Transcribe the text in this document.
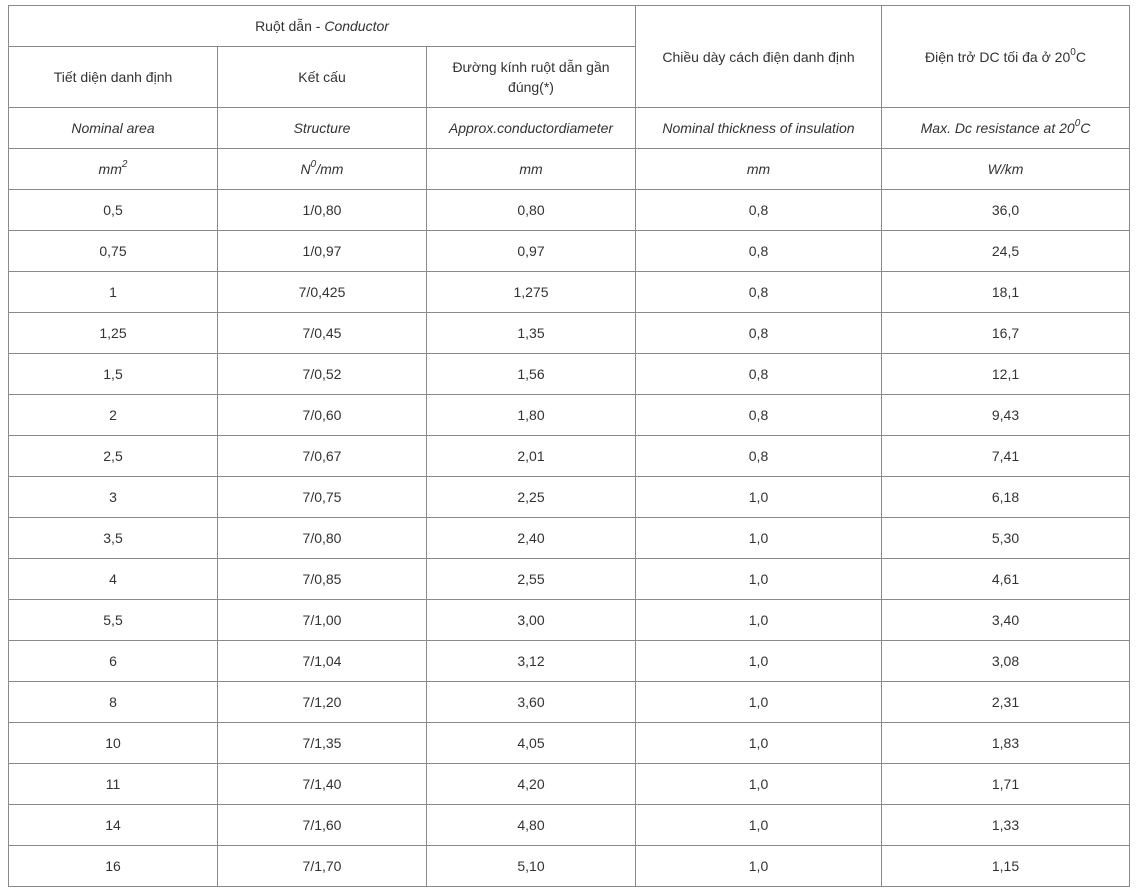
Ruột dẫn - Conductor			Chiều dày cách điện danh định	Điện trở DC tối đa ở $20^0C$
Tiết diện danh định	Kết cấu	Đường kính ruột dẫn gần đúng(*)		
Nominal area	Structure	Approx.conductordiameter	Nominal thickness of insulation	Max. Dc resistance at $20^0C$
$mm^2$	$N^0/mm$	mm	mm	W/km
0,5	1/0,80	0,80	0,8	36,0
0,75	1/0,97	0,97	0,8	24,5
1	7/0,425	1,275	0,8	18,1
1,25	7/0,45	1,35	0,8	16,7
1,5	7/0,52	1,56	0,8	12,1
2	7/0,60	1,80	0,8	9,43
2,5	7/0,67	2,01	0,8	7,41
3	7/0,75	2,25	1,0	6,18
3,5	7/0,80	2,40	1,0	5,30
4	7/0,85	2,55	1,0	4,61
5,5	7/1,00	3,00	1,0	3,40
6	7/1,04	3,12	1,0	3,08
8	7/1,20	3,60	1,0	2,31
10	7/1,35	4,05	1,0	1,83
11	7/1,40	4,20	1,0	1,71
14	7/1,60	4,80	1,0	1,33
16	7/1,70	5,10	1,0	1,15
